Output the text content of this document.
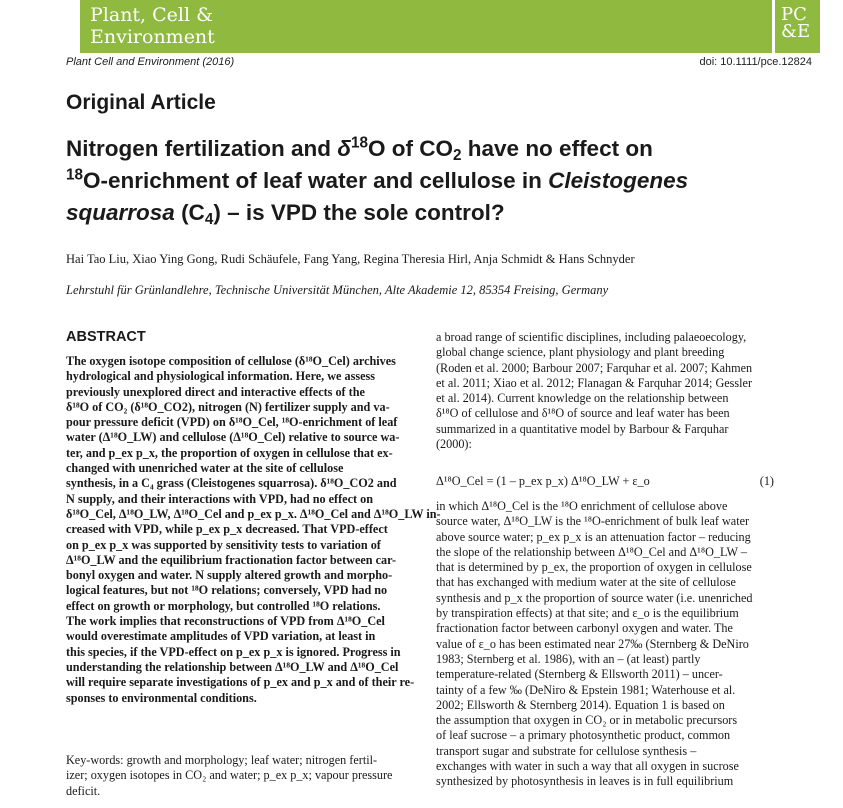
Plant, Cell &
Environment
PC
&E
Plant Cell and Environment (2016)	doi: 10.1111/pce.12824
Original Article
Nitrogen fertilization and $\delta^{18}O$ of $CO_2$ have no effect on
$^{18}$O-enrichment of leaf water and cellulose in Cleistogenes
squarrosa $(C_4)$ – is VPD the sole control?
Hai Tao Liu, Xiao Ying Gong, Rudi Schäufele, Fang Yang, Regina Theresia Hirl, Anja Schmidt & Hans Schnyder
Lehrstuhl für Grünlandlehre, Technische Universität München, Alte Akademie 12, 85354 Freising, Germany
ABSTRACT
The oxygen isotope composition of cellulose (δ¹⁸O_Cel) archives
hydrological and physiological information. Here, we assess
previously unexplored direct and interactive effects of the
δ¹⁸O of CO₂ (δ¹⁸O_CO2), nitrogen (N) fertilizer supply and va-
pour pressure deficit (VPD) on δ¹⁸O_Cel, ¹⁸O-enrichment of leaf
water (Δ¹⁸O_LW) and cellulose (Δ¹⁸O_Cel) relative to source wa-
ter, and p_ex p_x, the proportion of oxygen in cellulose that ex-
changed with unenriched water at the site of cellulose
synthesis, in a C₄ grass (Cleistogenes squarrosa). δ¹⁸O_CO2 and
N supply, and their interactions with VPD, had no effect on
δ¹⁸O_Cel, Δ¹⁸O_LW, Δ¹⁸O_Cel and p_ex p_x. Δ¹⁸O_Cel and Δ¹⁸O_LW in-
creased with VPD, while p_ex p_x decreased. That VPD-effect
on p_ex p_x was supported by sensitivity tests to variation of
Δ¹⁸O_LW and the equilibrium fractionation factor between car-
bonyl oxygen and water. N supply altered growth and morpho-
logical features, but not ¹⁸O relations; conversely, VPD had no
effect on growth or morphology, but controlled ¹⁸O relations.
The work implies that reconstructions of VPD from Δ¹⁸O_Cel
would overestimate amplitudes of VPD variation, at least in
this species, if the VPD-effect on p_ex p_x is ignored. Progress in
understanding the relationship between Δ¹⁸O_LW and Δ¹⁸O_Cel
will require separate investigations of p_ex and p_x and of their re-
sponses to environmental conditions.
Key-words: growth and morphology; leaf water; nitrogen fertil-
izer; oxygen isotopes in CO₂ and water; p_ex p_x; vapour pressure
deficit.
a broad range of scientific disciplines, including palaeoecology,
global change science, plant physiology and plant breeding
(Roden et al. 2000; Barbour 2007; Farquhar et al. 2007; Kahmen
et al. 2011; Xiao et al. 2012; Flanagan & Farquhar 2014; Gessler
et al. 2014). Current knowledge on the relationship between
δ¹⁸O of cellulose and δ¹⁸O of source and leaf water has been
summarized in a quantitative model by Barbour & Farquhar
(2000):
Δ¹⁸O_Cel = (1 – p_ex p_x) Δ¹⁸O_LW + ε_o	(1)
in which Δ¹⁸O_Cel is the ¹⁸O enrichment of cellulose above
source water, Δ¹⁸O_LW is the ¹⁸O-enrichment of bulk leaf water
above source water; p_ex p_x is an attenuation factor – reducing
the slope of the relationship between Δ¹⁸O_Cel and Δ¹⁸O_LW –
that is determined by p_ex, the proportion of oxygen in cellulose
that has exchanged with medium water at the site of cellulose
synthesis and p_x the proportion of source water (i.e. unenriched
by transpiration effects) at that site; and ε_o is the equilibrium
fractionation factor between carbonyl oxygen and water. The
value of ε_o has been estimated near 27‰ (Sternberg & DeNiro
1983; Sternberg et al. 1986), with an – (at least) partly
temperature-related (Sternberg & Ellsworth 2011) – uncer-
tainty of a few ‰ (DeNiro & Epstein 1981; Waterhouse et al.
2002; Ellsworth & Sternberg 2014). Equation 1 is based on
the assumption that oxygen in CO₂ or in metabolic precursors
of leaf sucrose – a primary photosynthetic product, common
transport sugar and substrate for cellulose synthesis –
exchanges with water in such a way that all oxygen in sucrose
synthesized by photosynthesis in leaves is in full equilibrium
